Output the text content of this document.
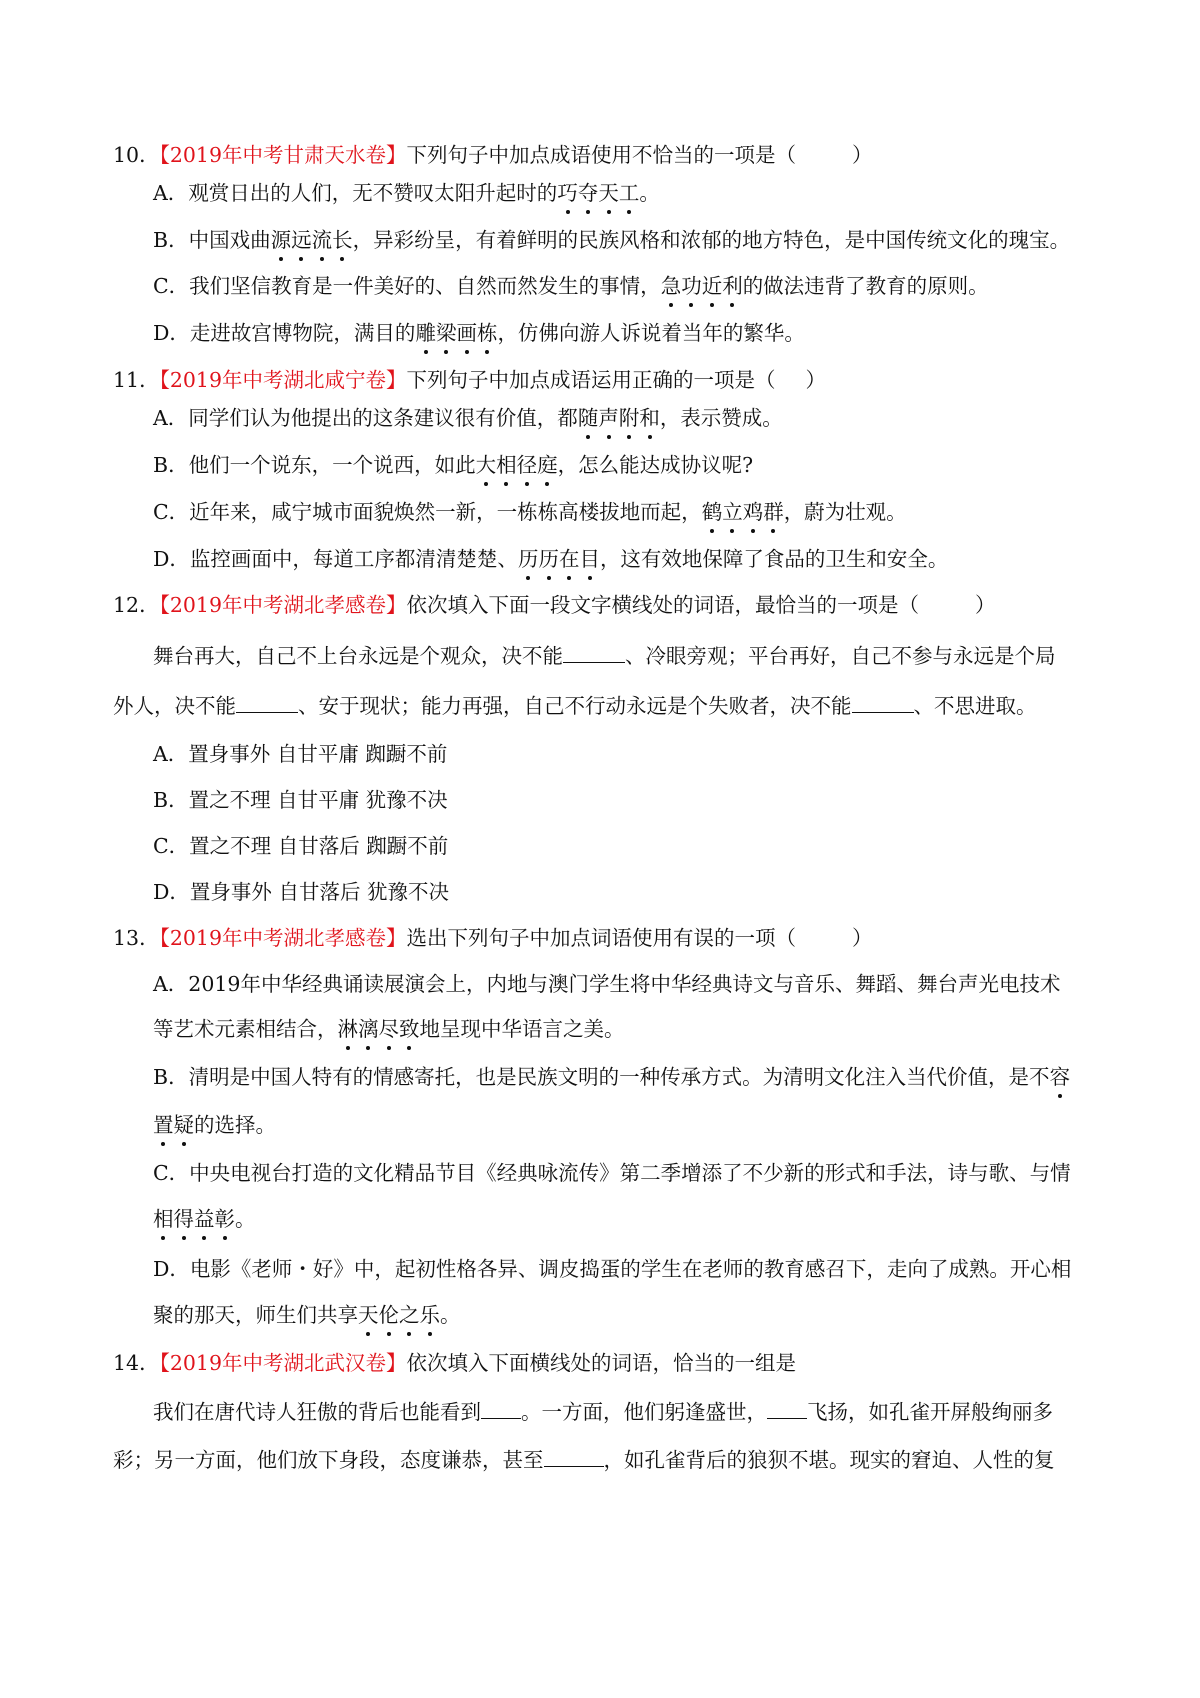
10．【2019年中考甘肃天水卷】下列句子中加点成语使用不恰当的一项是（	）
A．观赏日出的人们，无不赞叹太阳升起时的巧夺天工。
B．中国戏曲源远流长，异彩纷呈，有着鲜明的民族风格和浓郁的地方特色，是中国传统文化的瑰宝。
C．我们坚信教育是一件美好的、自然而然发生的事情，急功近利的做法违背了教育的原则。
D．走进故宫博物院，满目的雕梁画栋，仿佛向游人诉说着当年的繁华。
11．【2019年中考湖北咸宁卷】下列句子中加点成语运用正确的一项是（ ）
A．同学们认为他提出的这条建议很有价值，都随声附和，表示赞成。
B．他们一个说东，一个说西，如此大相径庭，怎么能达成协议呢?
C．近年来，咸宁城市面貌焕然一新，一栋栋高楼拔地而起，鹤立鸡群，蔚为壮观。
D．监控画面中，每道工序都清清楚楚、历历在目，这有效地保障了食品的卫生和安全。
12．【2019年中考湖北孝感卷】依次填入下面一段文字横线处的词语，最恰当的一项是（	）
舞台再大，自己不上台永远是个观众，决不能	、冷眼旁观；平台再好，自己不参与永远是个局
外人，决不能	、安于现状；能力再强，自己不行动永远是个失败者，决不能	、不思进取。
A．置身事外 自甘平庸 踟蹰不前
B．置之不理 自甘平庸 犹豫不决
C．置之不理 自甘落后 踟蹰不前
D．置身事外 自甘落后 犹豫不决
13．【2019年中考湖北孝感卷】选出下列句子中加点词语使用有误的一项（	）
A．2019年中华经典诵读展演会上，内地与澳门学生将中华经典诗文与音乐、舞蹈、舞台声光电技术
等艺术元素相结合，淋漓尽致地呈现中华语言之美。
B．清明是中国人特有的情感寄托，也是民族文明的一种传承方式。为清明文化注入当代价值，是不容
置疑的选择。
C．中央电视台打造的文化精品节目《经典咏流传》第二季增添了不少新的形式和手法，诗与歌、与情
相得益彰。
D．电影《老师・好》中，起初性格各异、调皮捣蛋的学生在老师的教育感召下，走向了成熟。开心相
聚的那天，师生们共享天伦之乐。
14．【2019年中考湖北武汉卷】依次填入下面横线处的词语，恰当的一组是
我们在唐代诗人狂傲的背后也能看到 。一方面，他们躬逢盛世， 飞扬，如孔雀开屏般绚丽多
彩；另一方面，他们放下身段，态度谦恭，甚至	，如孔雀背后的狼狈不堪。现实的窘迫、人性的复
